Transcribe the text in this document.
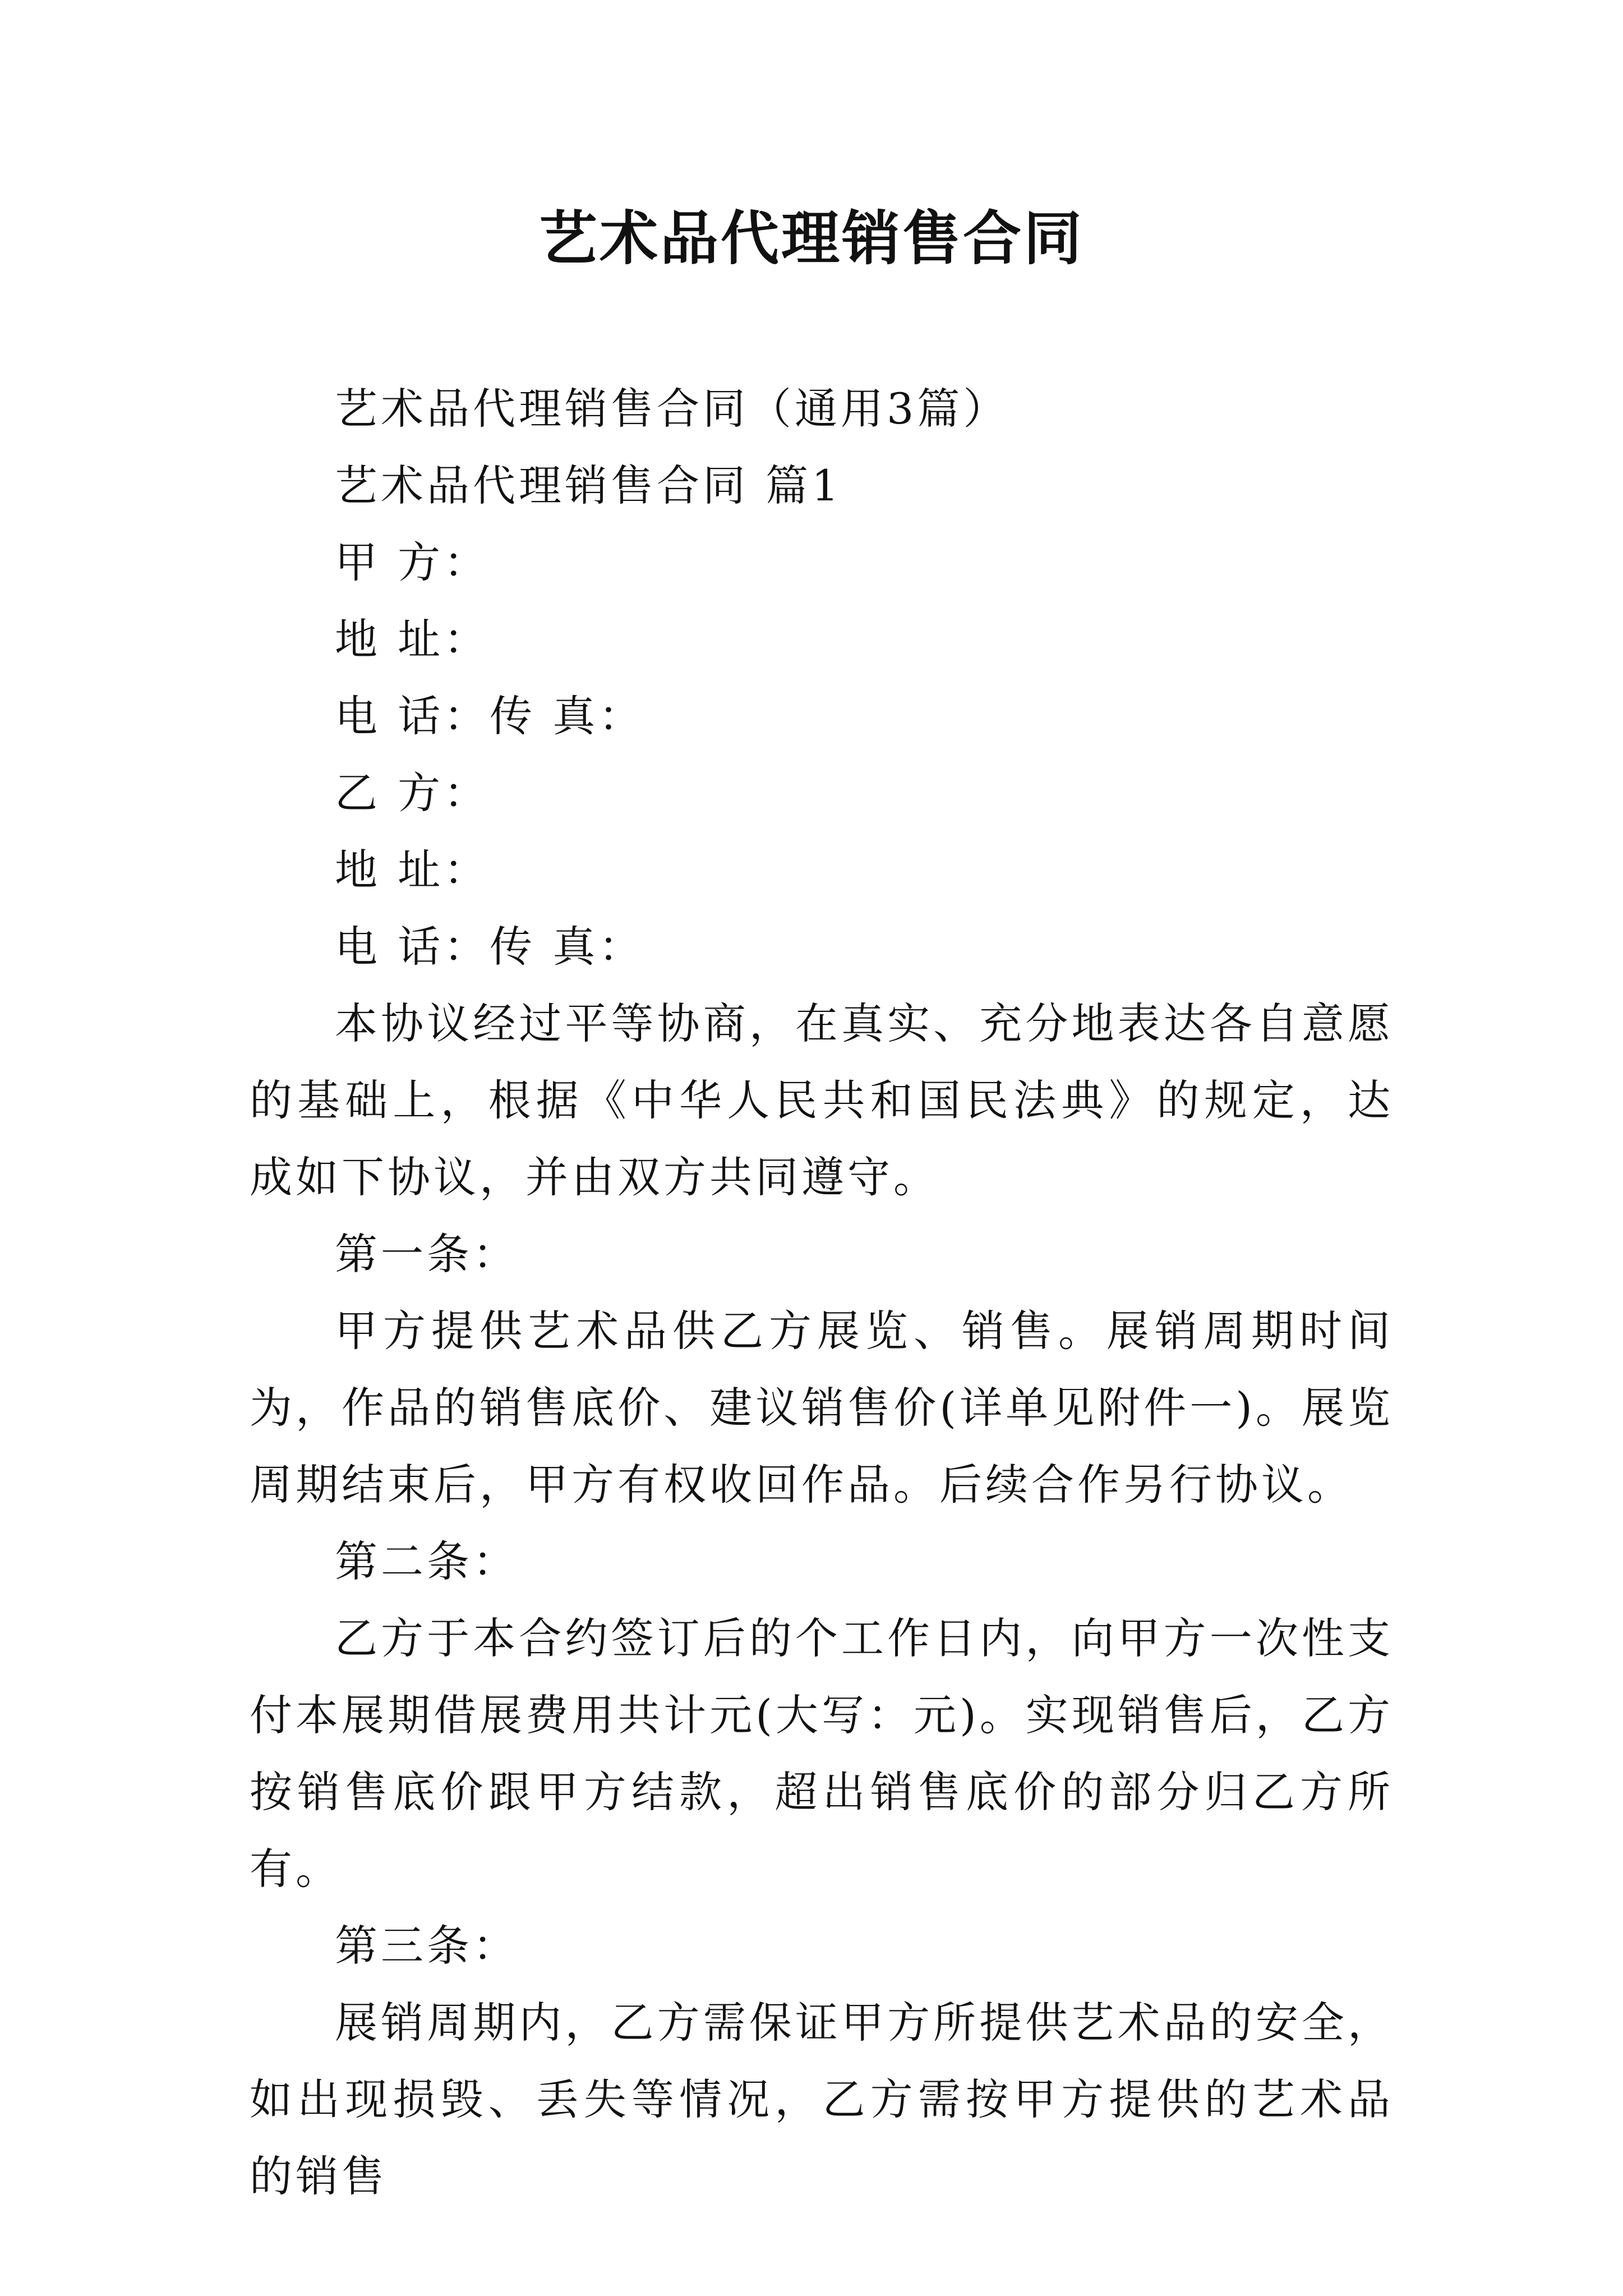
艺术品代理销售合同

艺术品代理销售合同（通用3篇）

艺术品代理销售合同 篇1

甲 方：

地 址：

电 话：传 真：

乙 方：

地 址：

电 话：传 真：

本协议经过平等协商，在真实、充分地表达各自意愿的基础上，根据《中华人民共和国民法典》的规定，达成如下协议，并由双方共同遵守。

第一条：

甲方提供艺术品供乙方展览、销售。展销周期时间为，作品的销售底价、建议销售价(详单见附件一)。展览周期结束后，甲方有权收回作品。后续合作另行协议。

第二条：

乙方于本合约签订后的个工作日内，向甲方一次性支付本展期借展费用共计元(大写：元)。实现销售后，乙方按销售底价跟甲方结款，超出销售底价的部分归乙方所有。

第三条：

展销周期内，乙方需保证甲方所提供艺术品的安全，如出现损毁、丢失等情况，乙方需按甲方提供的艺术品的销售
